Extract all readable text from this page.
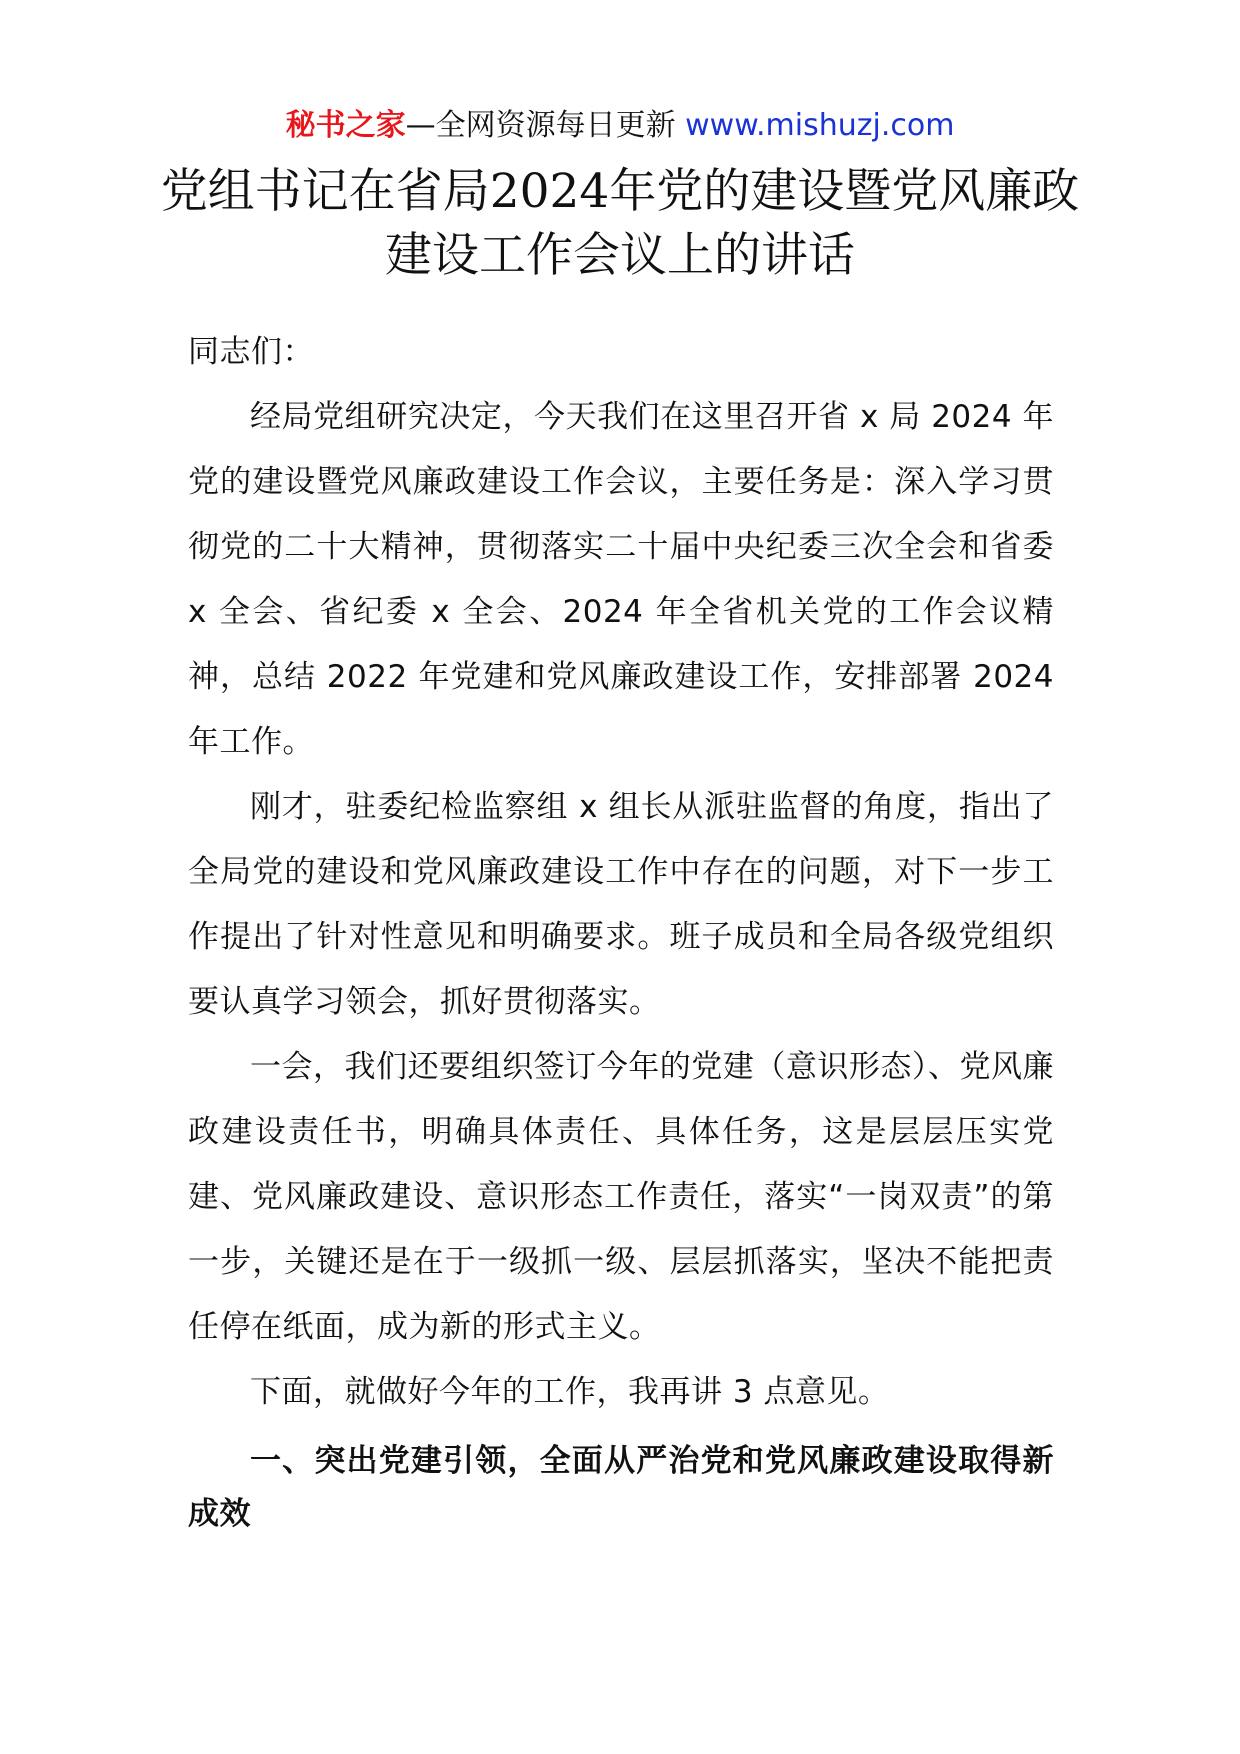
秘书之家—全网资源每日更新 www.mishuzj.com
党组书记在省局2024年党的建设暨党风廉政建设工作会议上的讲话

同志们：

经局党组研究决定，今天我们在这里召开省 x 局 2024 年党的建设暨党风廉政建设工作会议，主要任务是：深入学习贯彻党的二十大精神，贯彻落实二十届中央纪委三次全会和省委 x 全会、省纪委 x 全会、2024 年全省机关党的工作会议精神，总结 2022 年党建和党风廉政建设工作，安排部署 2024 年工作。

刚才，驻委纪检监察组 x 组长从派驻监督的角度，指出了全局党的建设和党风廉政建设工作中存在的问题，对下一步工作提出了针对性意见和明确要求。班子成员和全局各级党组织要认真学习领会，抓好贯彻落实。

一会，我们还要组织签订今年的党建（意识形态）、党风廉政建设责任书，明确具体责任、具体任务，这是层层压实党建、党风廉政建设、意识形态工作责任，落实“一岗双责”的第一步，关键还是在于一级抓一级、层层抓落实，坚决不能把责任停在纸面，成为新的形式主义。

下面，就做好今年的工作，我再讲 3 点意见。

一、突出党建引领，全面从严治党和党风廉政建设取得新成效
